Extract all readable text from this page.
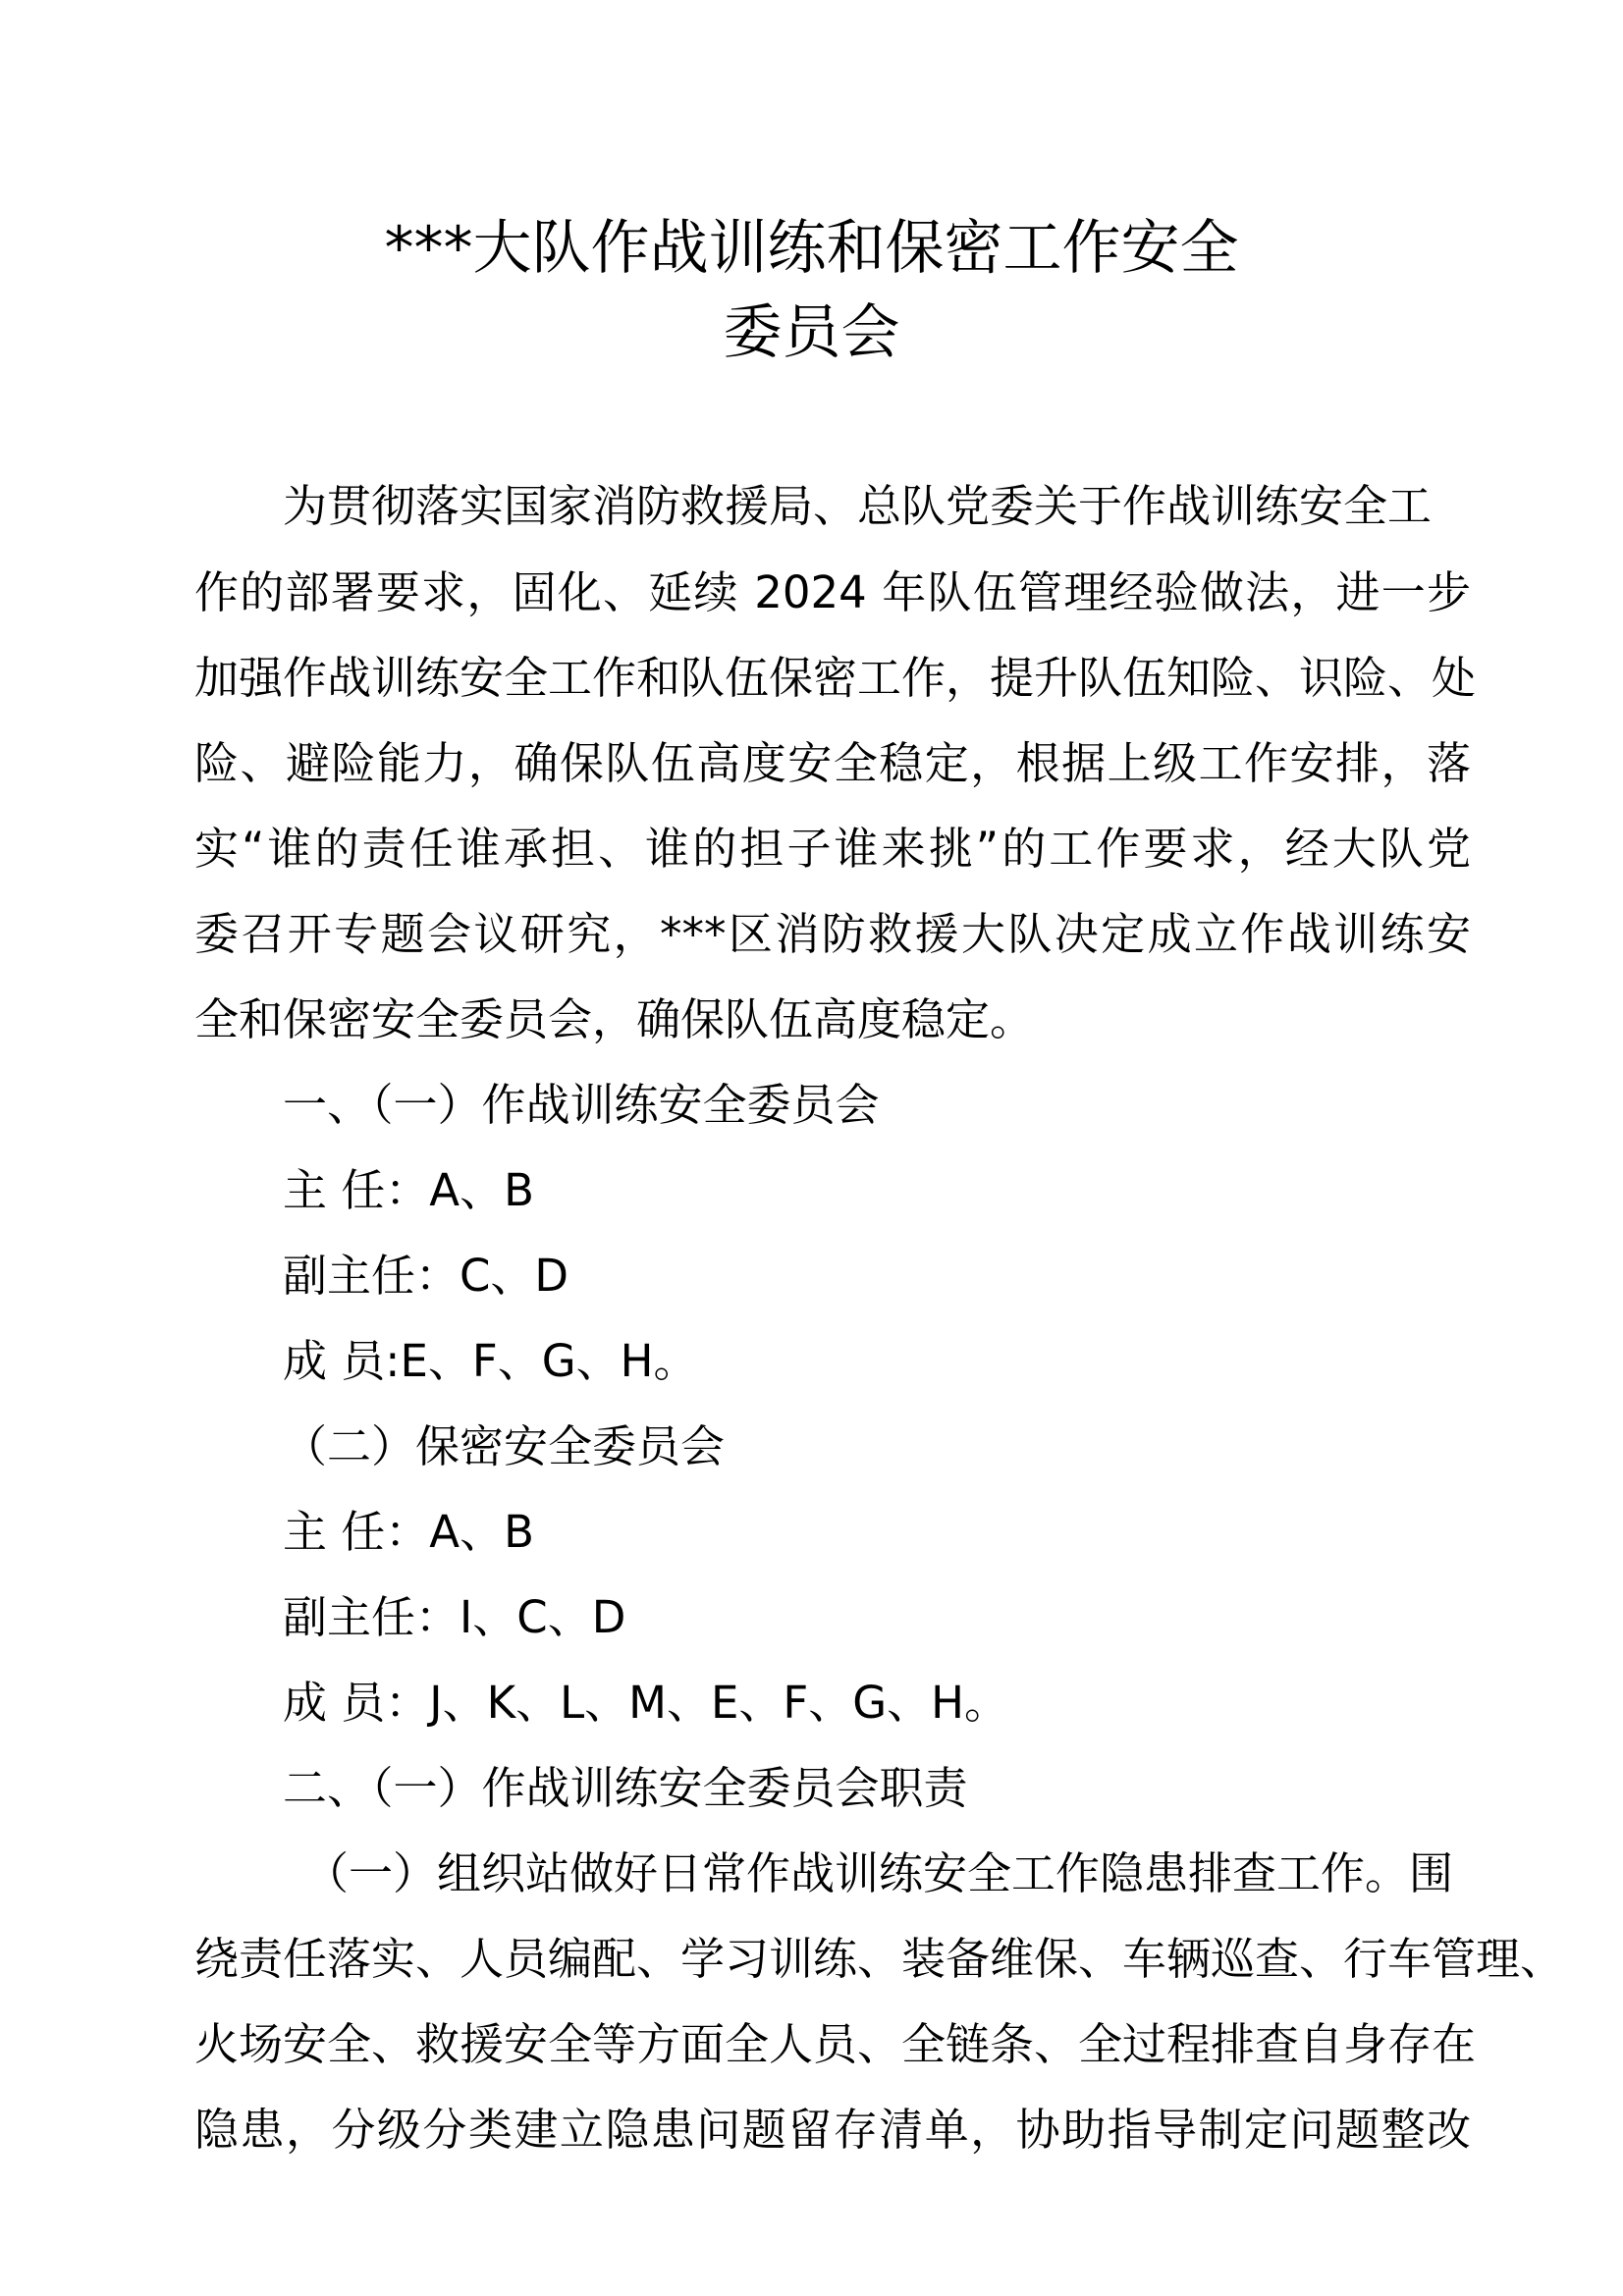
***大队作战训练和保密工作安全
委员会
为贯彻落实国家消防救援局、总队党委关于作战训练安全工
作的部署要求，固化、延续 2024 年队伍管理经验做法，进一步
加强作战训练安全工作和队伍保密工作，提升队伍知险、识险、处
险、避险能力，确保队伍高度安全稳定，根据上级工作安排，落
实“谁的责任谁承担、谁的担子谁来挑”的工作要求，经大队党
委召开专题会议研究，***区消防救援大队决定成立作战训练安
全和保密安全委员会，确保队伍高度稳定。
一、（一）作战训练安全委员会
主 任：A、B
副主任：C、D
成 员:E、F、G、H。
（二）保密安全委员会
主 任：A、B
副主任：I、C、D
成 员：J、K、L、M、E、F、G、H。
二、（一）作战训练安全委员会职责
（一）组织站做好日常作战训练安全工作隐患排查工作。围
绕责任落实、人员编配、学习训练、装备维保、车辆巡查、行车管理、
火场安全、救援安全等方面全人员、全链条、全过程排查自身存在
隐患，分级分类建立隐患问题留存清单，协助指导制定问题整改
